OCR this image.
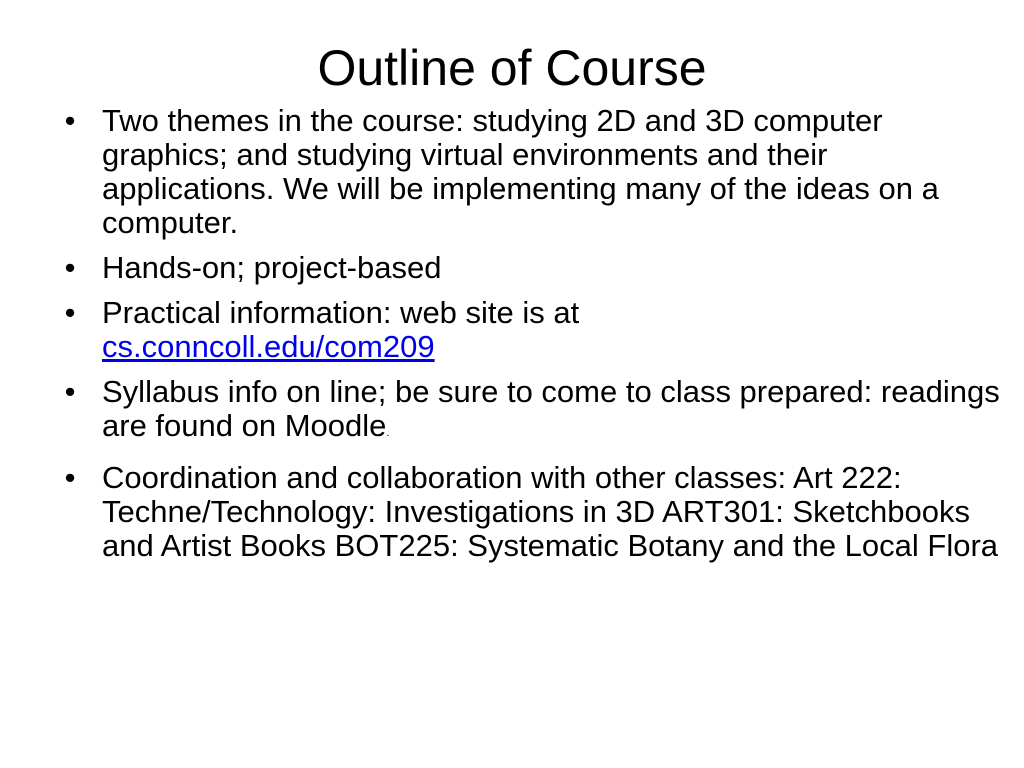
Outline of Course
• Two themes in the course: studying 2D and 3D computer graphics; and studying virtual environments and their applications. We will be implementing many of the ideas on a computer.
• Hands-on; project-based
• Practical information: web site is at
cs.conncoll.edu/com209
• Syllabus info on line; be sure to come to class prepared: readings are found on Moodle.
• Coordination and collaboration with other classes: Art 222: Techne/Technology: Investigations in 3D ART301: Sketchbooks and Artist Books BOT225: Systematic Botany and the Local Flora
